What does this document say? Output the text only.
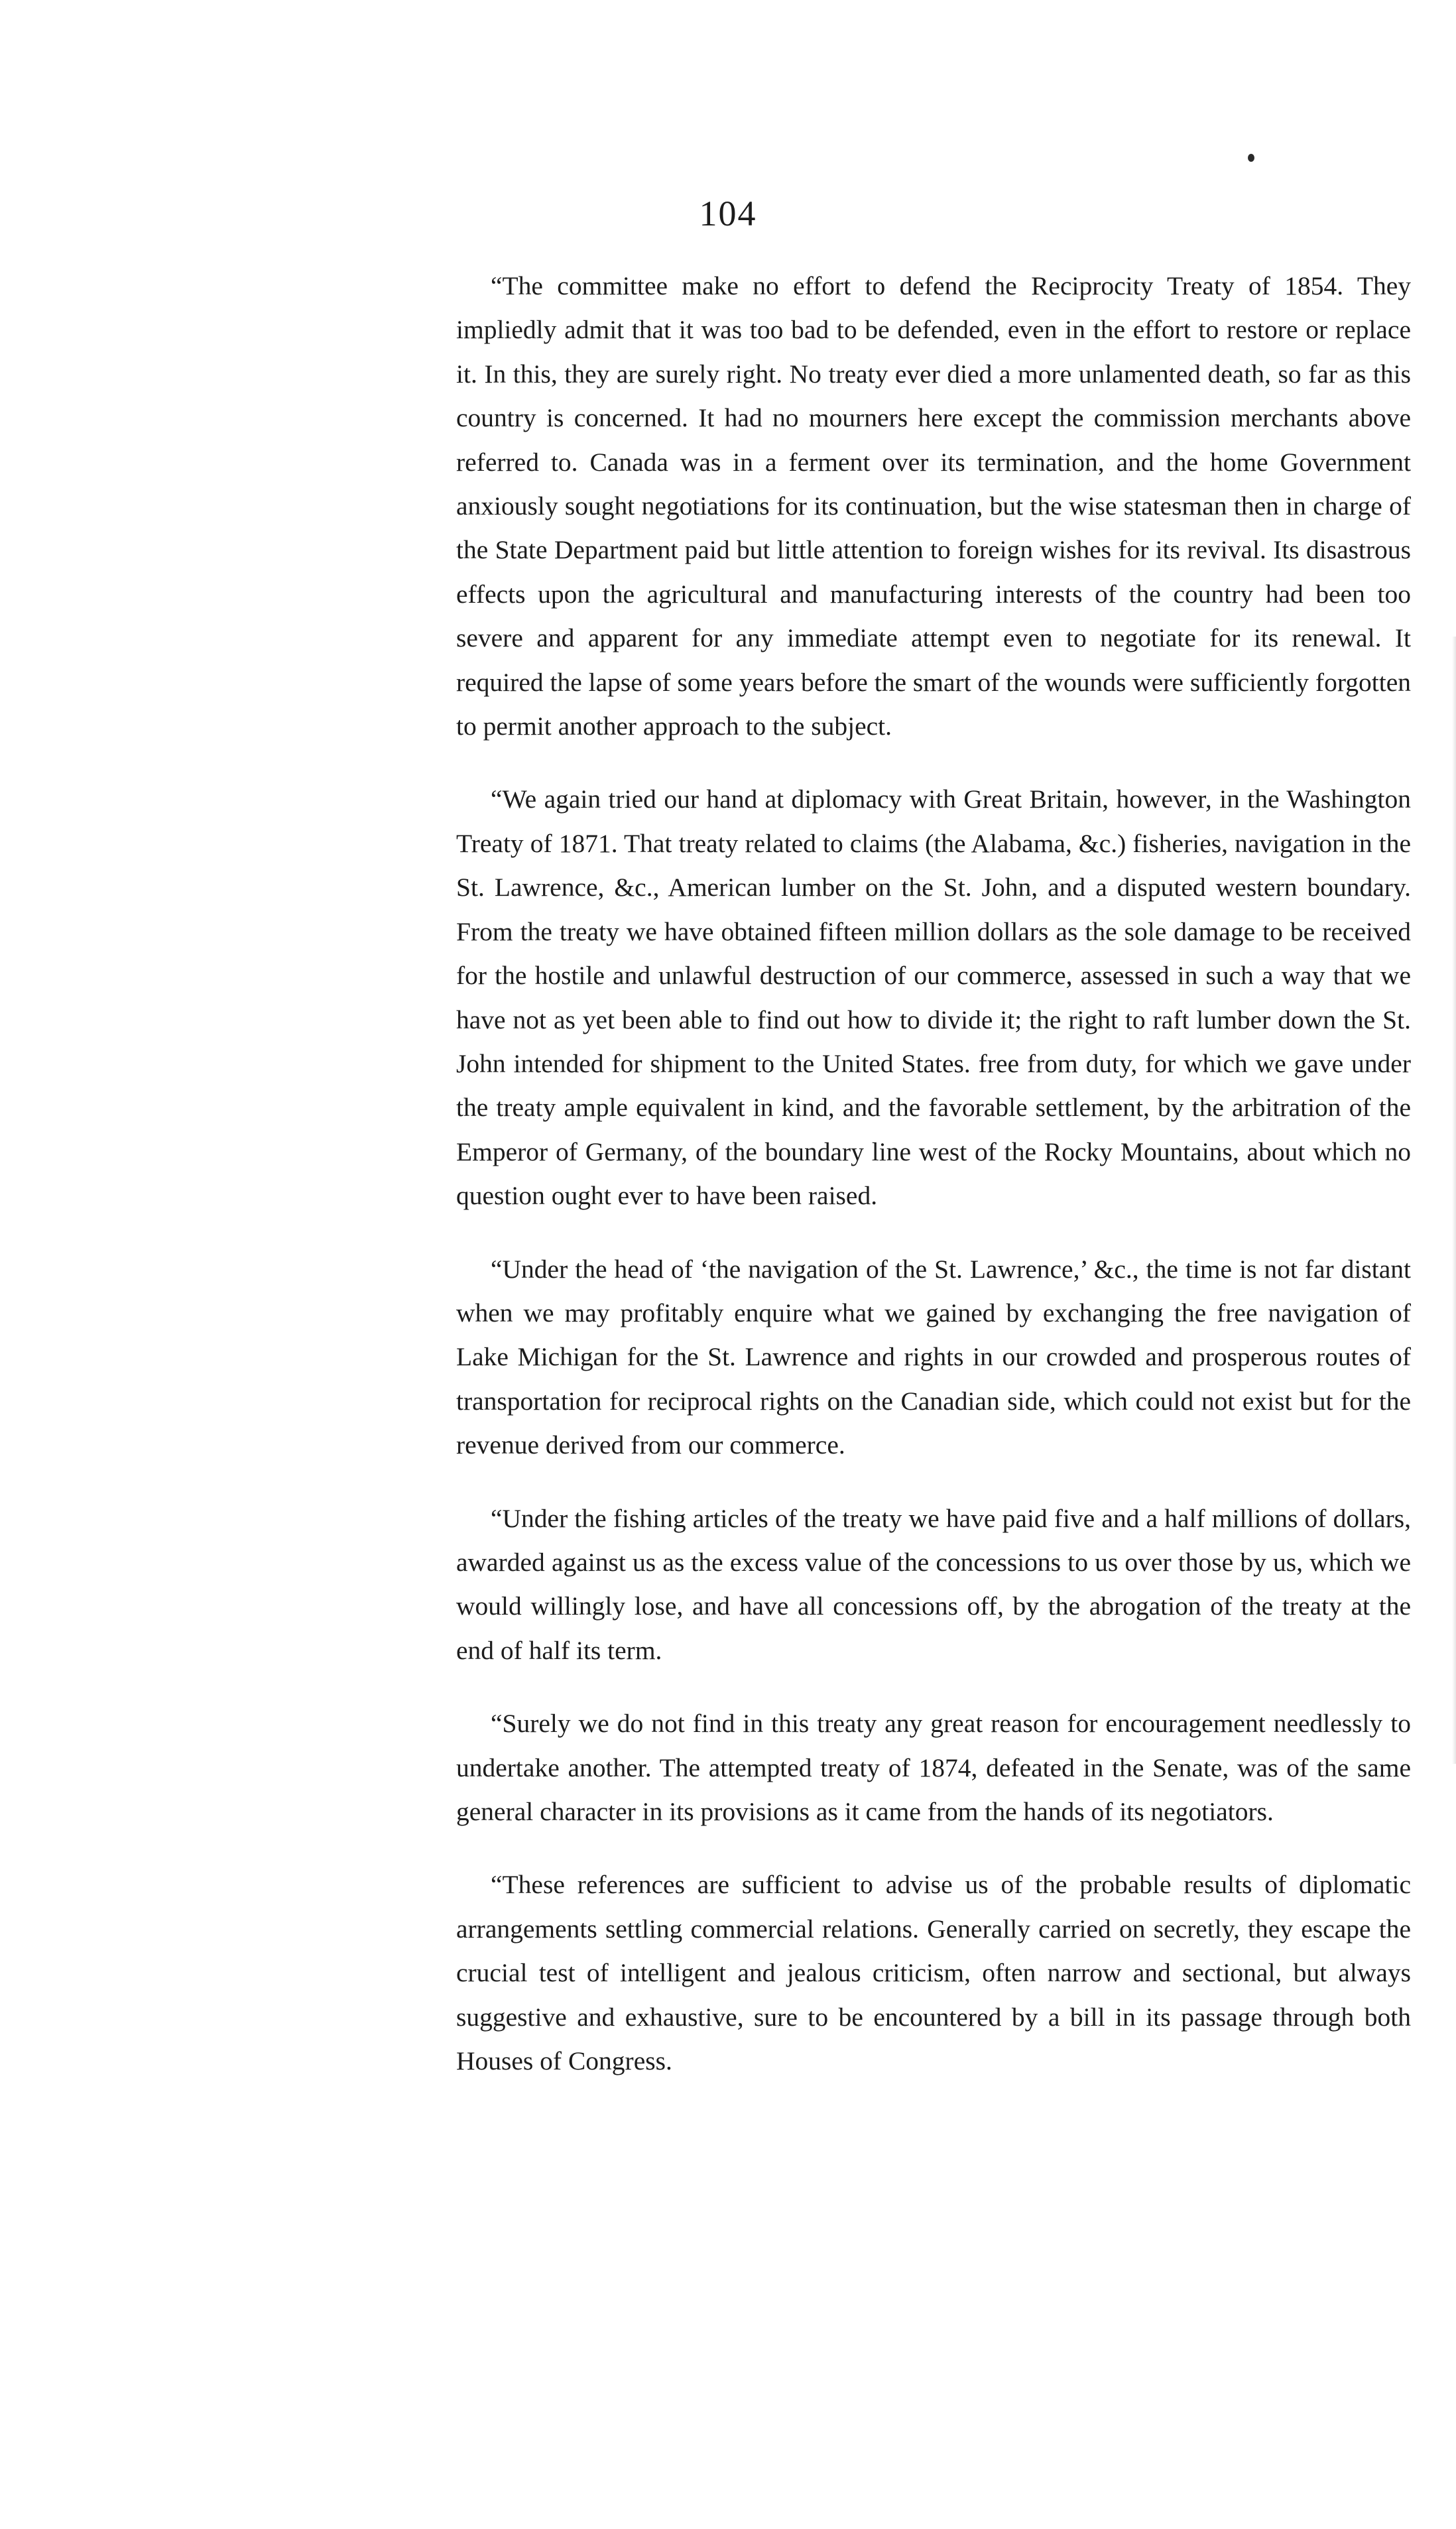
104

“The committee make no effort to defend the Reciprocity Treaty of 1854. They impliedly admit that it was too bad to be defended, even in the effort to restore or replace it. In this, they are surely right. No treaty ever died a more unlamented death, so far as this country is concerned. It had no mourners here except the commission merchants above referred to. Canada was in a ferment over its termination, and the home Government anxiously sought negotiations for its continuation, but the wise statesman then in charge of the State Department paid but little attention to foreign wishes for its revival. Its disastrous effects upon the agricultural and manufacturing interests of the country had been too severe and apparent for any immediate attempt even to negotiate for its renewal. It required the lapse of some years before the smart of the wounds were sufficiently forgotten to permit another approach to the subject.

“We again tried our hand at diplomacy with Great Britain, however, in the Washington Treaty of 1871. That treaty related to claims (the Alabama, &c.) fisheries, navigation in the St. Lawrence, &c., American lumber on the St. John, and a disputed western boundary. From the treaty we have obtained fifteen million dollars as the sole damage to be received for the hostile and unlawful destruction of our commerce, assessed in such a way that we have not as yet been able to find out how to divide it; the right to raft lumber down the St. John intended for shipment to the United States. free from duty, for which we gave under the treaty ample equivalent in kind, and the favorable settlement, by the arbitration of the Emperor of Germany, of the boundary line west of the Rocky Mountains, about which no question ought ever to have been raised.

“Under the head of ‘the navigation of the St. Lawrence,’ &c., the time is not far distant when we may profitably enquire what we gained by exchanging the free navigation of Lake Michigan for the St. Lawrence and rights in our crowded and prosperous routes of transportation for reciprocal rights on the Canadian side, which could not exist but for the revenue derived from our commerce.

“Under the fishing articles of the treaty we have paid five and a half millions of dollars, awarded against us as the excess value of the concessions to us over those by us, which we would willingly lose, and have all concessions off, by the abrogation of the treaty at the end of half its term.

“Surely we do not find in this treaty any great reason for encouragement needlessly to undertake another. The attempted treaty of 1874, defeated in the Senate, was of the same general character in its provisions as it came from the hands of its negotiators.

“These references are sufficient to advise us of the probable results of diplomatic arrangements settling commercial relations. Generally carried on secretly, they escape the crucial test of intelligent and jealous criticism, often narrow and sectional, but always suggestive and exhaustive, sure to be encountered by a bill in its passage through both Houses of Congress.
